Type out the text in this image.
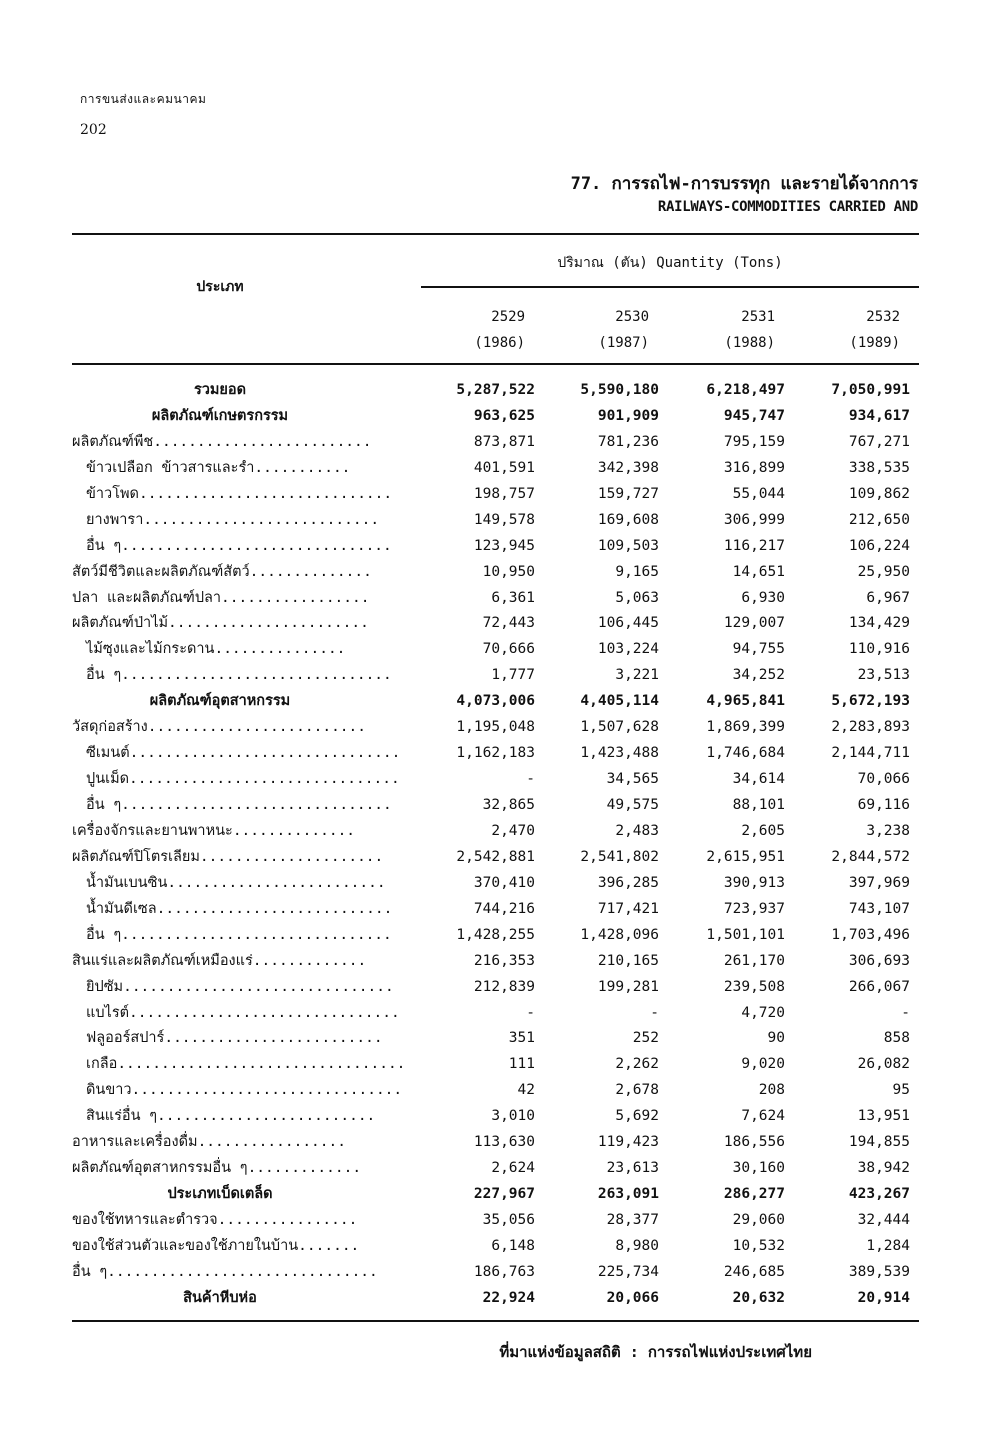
การขนส่งและคมนาคม
202
77. การรถไฟ-การบรรทุก และรายได้จากการ
RAILWAYS-COMMODITIES CARRIED AND
ประเภท
ปริมาณ (ตัน) Quantity (Tons)
2529
(1986)
2530
(1987)
2531
(1988)
2532
(1989)
รวมยอด	5,287,522	5,590,180	6,218,497	7,050,991
ผลิตภัณฑ์เกษตรกรรม	963,625	901,909	945,747	934,617
ผลิตภัณฑ์พืช.........................	873,871	781,236	795,159	767,271
ข้าวเปลือก ข้าวสารและรำ...........	401,591	342,398	316,899	338,535
ข้าวโพด.............................	198,757	159,727	55,044	109,862
ยางพารา...........................	149,578	169,608	306,999	212,650
อื่น ๆ...............................	123,945	109,503	116,217	106,224
สัตว์มีชีวิตและผลิตภัณฑ์สัตว์..............	10,950	9,165	14,651	25,950
ปลา และผลิตภัณฑ์ปลา.................	6,361	5,063	6,930	6,967
ผลิตภัณฑ์ป่าไม้.......................	72,443	106,445	129,007	134,429
ไม้ซุงและไม้กระดาน...............	70,666	103,224	94,755	110,916
อื่น ๆ...............................	1,777	3,221	34,252	23,513
ผลิตภัณฑ์อุตสาหกรรม	4,073,006	4,405,114	4,965,841	5,672,193
วัสดุก่อสร้าง.........................	1,195,048	1,507,628	1,869,399	2,283,893
ซีเมนต์...............................	1,162,183	1,423,488	1,746,684	2,144,711
ปูนเม็ด...............................	-	34,565	34,614	70,066
อื่น ๆ...............................	32,865	49,575	88,101	69,116
เครื่องจักรและยานพาหนะ..............	2,470	2,483	2,605	3,238
ผลิตภัณฑ์ปิโตรเลียม.....................	2,542,881	2,541,802	2,615,951	2,844,572
น้ำมันเบนซิน.........................	370,410	396,285	390,913	397,969
น้ำมันดีเซล...........................	744,216	717,421	723,937	743,107
อื่น ๆ...............................	1,428,255	1,428,096	1,501,101	1,703,496
สินแร่และผลิตภัณฑ์เหมืองแร่.............	216,353	210,165	261,170	306,693
ยิปซัม...............................	212,839	199,281	239,508	266,067
แบไรต์...............................	-	-	4,720	-
ฟลูออร์สปาร์.........................	351	252	90	858
เกลือ.................................	111	2,262	9,020	26,082
ดินขาว...............................	42	2,678	208	95
สินแร่อื่น ๆ.........................	3,010	5,692	7,624	13,951
อาหารและเครื่องดื่ม.................	113,630	119,423	186,556	194,855
ผลิตภัณฑ์อุตสาหกรรมอื่น ๆ.............	2,624	23,613	30,160	38,942
ประเภทเบ็ดเตล็ด	227,967	263,091	286,277	423,267
ของใช้ทหารและตำรวจ................	35,056	28,377	29,060	32,444
ของใช้ส่วนตัวและของใช้ภายในบ้าน.......	6,148	8,980	10,532	1,284
อื่น ๆ...............................	186,763	225,734	246,685	389,539
สินค้าหีบห่อ	22,924	20,066	20,632	20,914
ที่มาแห่งข้อมูลสถิติ : การรถไฟแห่งประเทศไทย
